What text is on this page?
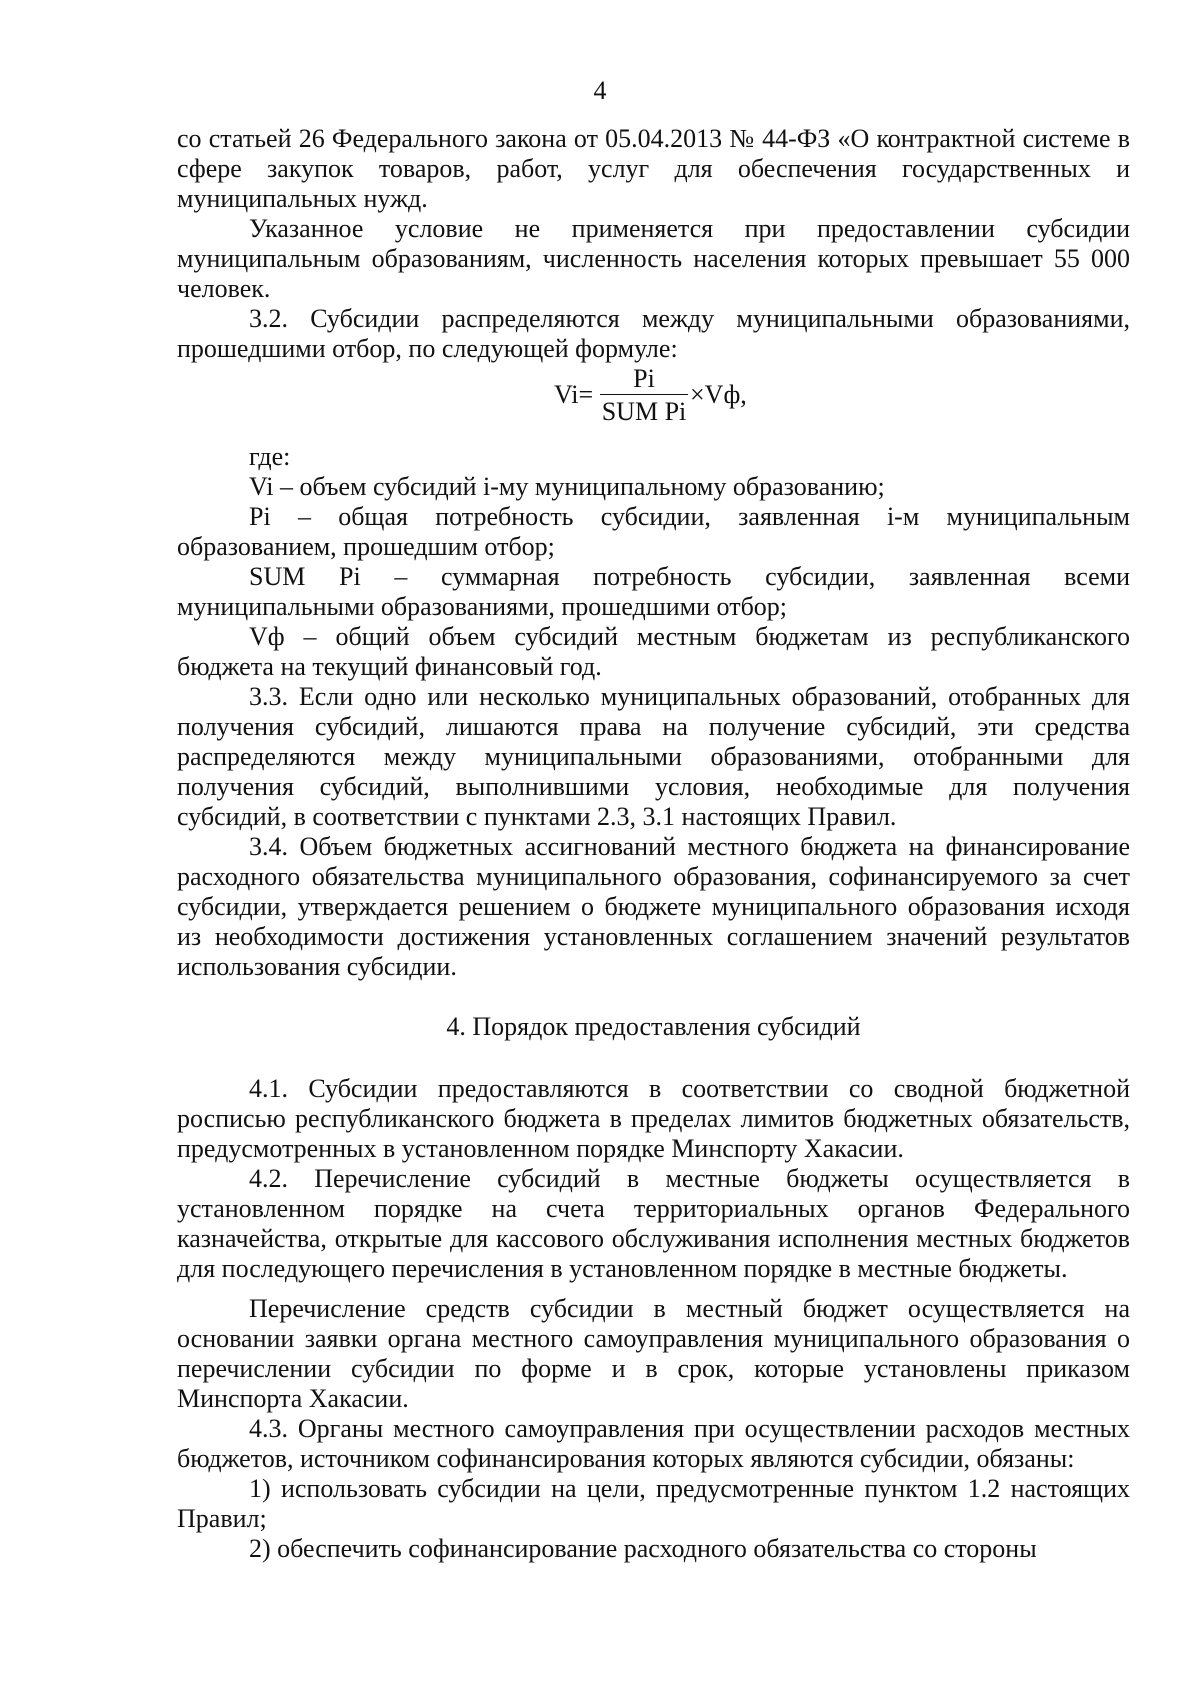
4

со статьей 26 Федерального закона от 05.04.2013 № 44-ФЗ «О контрактной системе в сфере закупок товаров, работ, услуг для обеспечения государственных и муниципальных нужд.

Указанное условие не применяется при предоставлении субсидии муниципальным образованиям, численность населения которых превышает 55 000 человек.

3.2. Субсидии распределяются между муниципальными образованиями, прошедшими отбор, по следующей формуле:

Vi=
Pi
SUM Pi
×Vф,

где:

Vi – объем субсидий i-му муниципальному образованию;

Pi – общая потребность субсидии, заявленная i-м муниципальным образованием, прошедшим отбор;

SUM Pi – суммарная потребность субсидии, заявленная всеми муниципальными образованиями, прошедшими отбор;

Vф – общий объем субсидий местным бюджетам из республиканского бюджета на текущий финансовый год.

3.3. Если одно или несколько муниципальных образований, отобранных для получения субсидий, лишаются права на получение субсидий, эти средства распределяются между муниципальными образованиями, отобранными для получения субсидий, выполнившими условия, необходимые для получения субсидий, в соответствии с пунктами 2.3, 3.1 настоящих Правил.

3.4. Объем бюджетных ассигнований местного бюджета на финансирование расходного обязательства муниципального образования, софинансируемого за счет субсидии, утверждается решением о бюджете муниципального образования исходя из необходимости достижения установленных соглашением значений результатов использования субсидии.

4. Порядок предоставления субсидий

4.1. Субсидии предоставляются в соответствии со сводной бюджетной росписью республиканского бюджета в пределах лимитов бюджетных обязательств, предусмотренных в установленном порядке Минспорту Хакасии.

4.2. Перечисление субсидий в местные бюджеты осуществляется в установленном порядке на счета территориальных органов Федерального казначейства, открытые для кассового обслуживания исполнения местных бюджетов для последующего перечисления в установленном порядке в местные бюджеты.

Перечисление средств субсидии в местный бюджет осуществляется на основании заявки органа местного самоуправления муниципального образования о перечислении субсидии по форме и в срок, которые установлены приказом Минспорта Хакасии.

4.3. Органы местного самоуправления при осуществлении расходов местных бюджетов, источником софинансирования которых являются субсидии, обязаны:

1) использовать субсидии на цели, предусмотренные пунктом 1.2 настоящих Правил;

2) обеспечить софинансирование расходного обязательства со стороны
